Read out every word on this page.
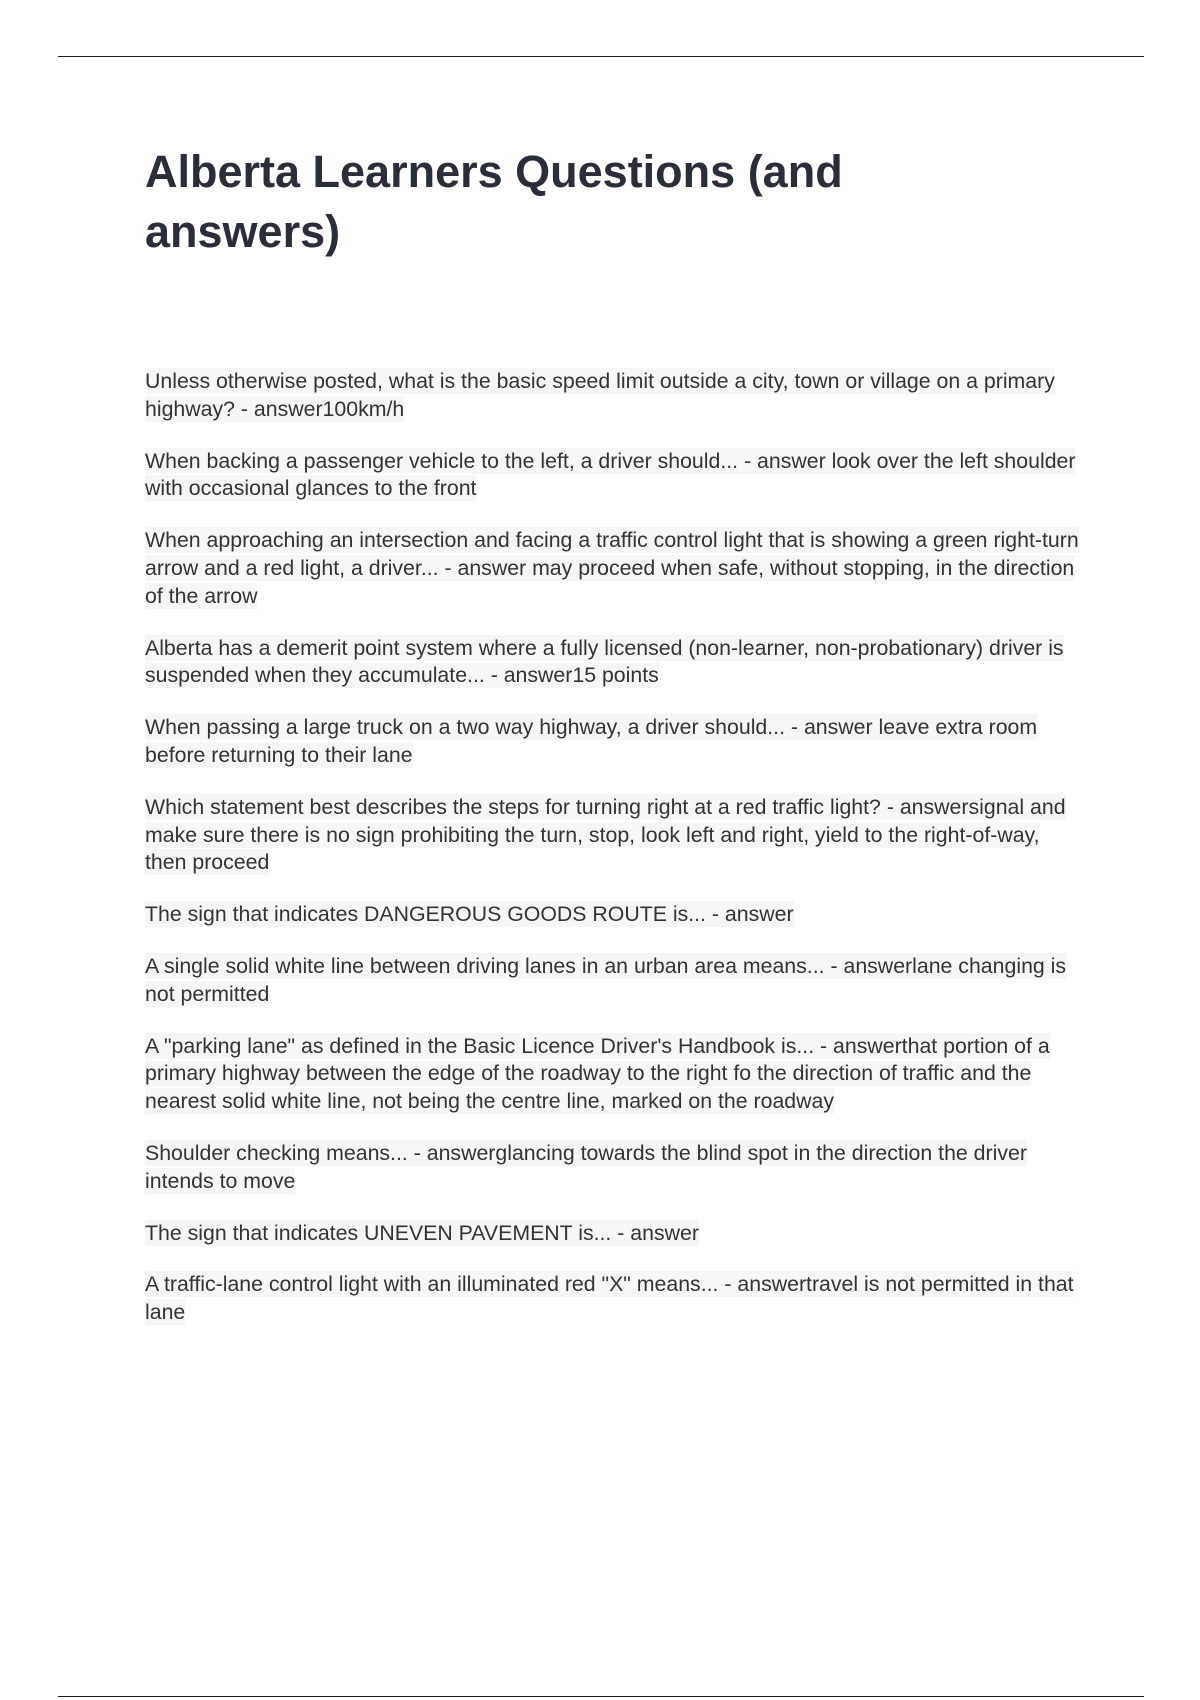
Alberta Learners Questions (and answers)

Unless otherwise posted, what is the basic speed limit outside a city, town or village on a primary highway? - answer100km/h

When backing a passenger vehicle to the left, a driver should... - answer look over the left shoulder with occasional glances to the front

When approaching an intersection and facing a traffic control light that is showing a green right-turn arrow and a red light, a driver... - answer may proceed when safe, without stopping, in the direction of the arrow

Alberta has a demerit point system where a fully licensed (non-learner, non-probationary) driver is suspended when they accumulate... - answer15 points

When passing a large truck on a two way highway, a driver should... - answer leave extra room before returning to their lane

Which statement best describes the steps for turning right at a red traffic light? - answersignal and make sure there is no sign prohibiting the turn, stop, look left and right, yield to the right-of-way, then proceed

The sign that indicates DANGEROUS GOODS ROUTE is... - answer

A single solid white line between driving lanes in an urban area means... - answerlane changing is not permitted

A "parking lane" as defined in the Basic Licence Driver's Handbook is... - answerthat portion of a primary highway between the edge of the roadway to the right fo the direction of traffic and the nearest solid white line, not being the centre line, marked on the roadway

Shoulder checking means... - answerglancing towards the blind spot in the direction the driver intends to move

The sign that indicates UNEVEN PAVEMENT is... - answer

A traffic-lane control light with an illuminated red "X" means... - answertravel is not permitted in that lane
